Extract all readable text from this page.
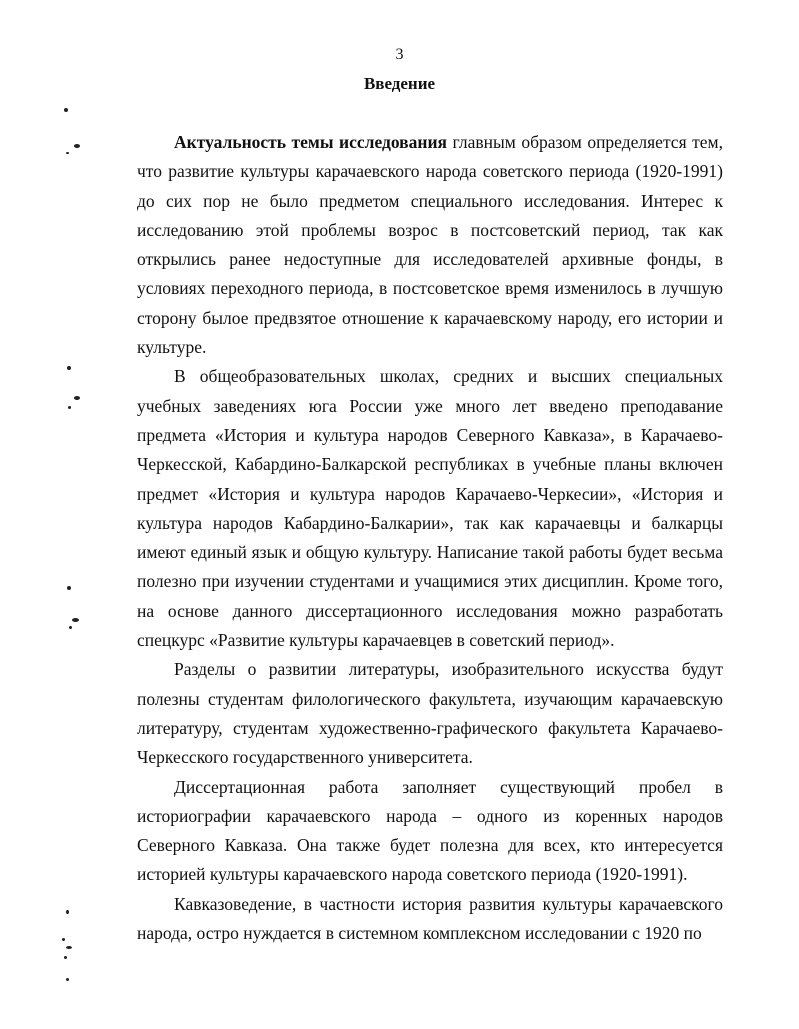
3
Введение

Актуальность темы исследования главным образом определяется тем, что развитие культуры карачаевского народа советского периода (1920-1991) до сих пор не было предметом специального исследования. Интерес к исследованию этой проблемы возрос в постсоветский период, так как открылись ранее недоступные для исследователей архивные фонды, в условиях переходного периода, в постсоветское время изменилось в лучшую сторону былое предвзятое отношение к карачаевскому народу, его истории и культуре.

В общеобразовательных школах, средних и высших специальных учебных заведениях юга России уже много лет введено преподавание предмета «История и культура народов Северного Кавказа», в Карачаево-Черкесской, Кабардино-Балкарской республиках в учебные планы включен предмет «История и культура народов Карачаево-Черкесии», «История и культура народов Кабардино-Балкарии», так как карачаевцы и балкарцы имеют единый язык и общую культуру. Написание такой работы будет весьма полезно при изучении студентами и учащимися этих дисциплин. Кроме того, на основе данного диссертационного исследования можно разработать спецкурс «Развитие культуры карачаевцев в советский период».

Разделы о развитии литературы, изобразительного искусства будут полезны студентам филологического факультета, изучающим карачаевскую литературу, студентам художественно-графического факультета Карачаево-Черкесского государственного университета.

Диссертационная работа заполняет существующий пробел в историографии карачаевского народа – одного из коренных народов Северного Кавказа. Она также будет полезна для всех, кто интересуется историей культуры карачаевского народа советского периода (1920-1991).

Кавказоведение, в частности история развития культуры карачаевского народа, остро нуждается в системном комплексном исследовании с 1920 по
